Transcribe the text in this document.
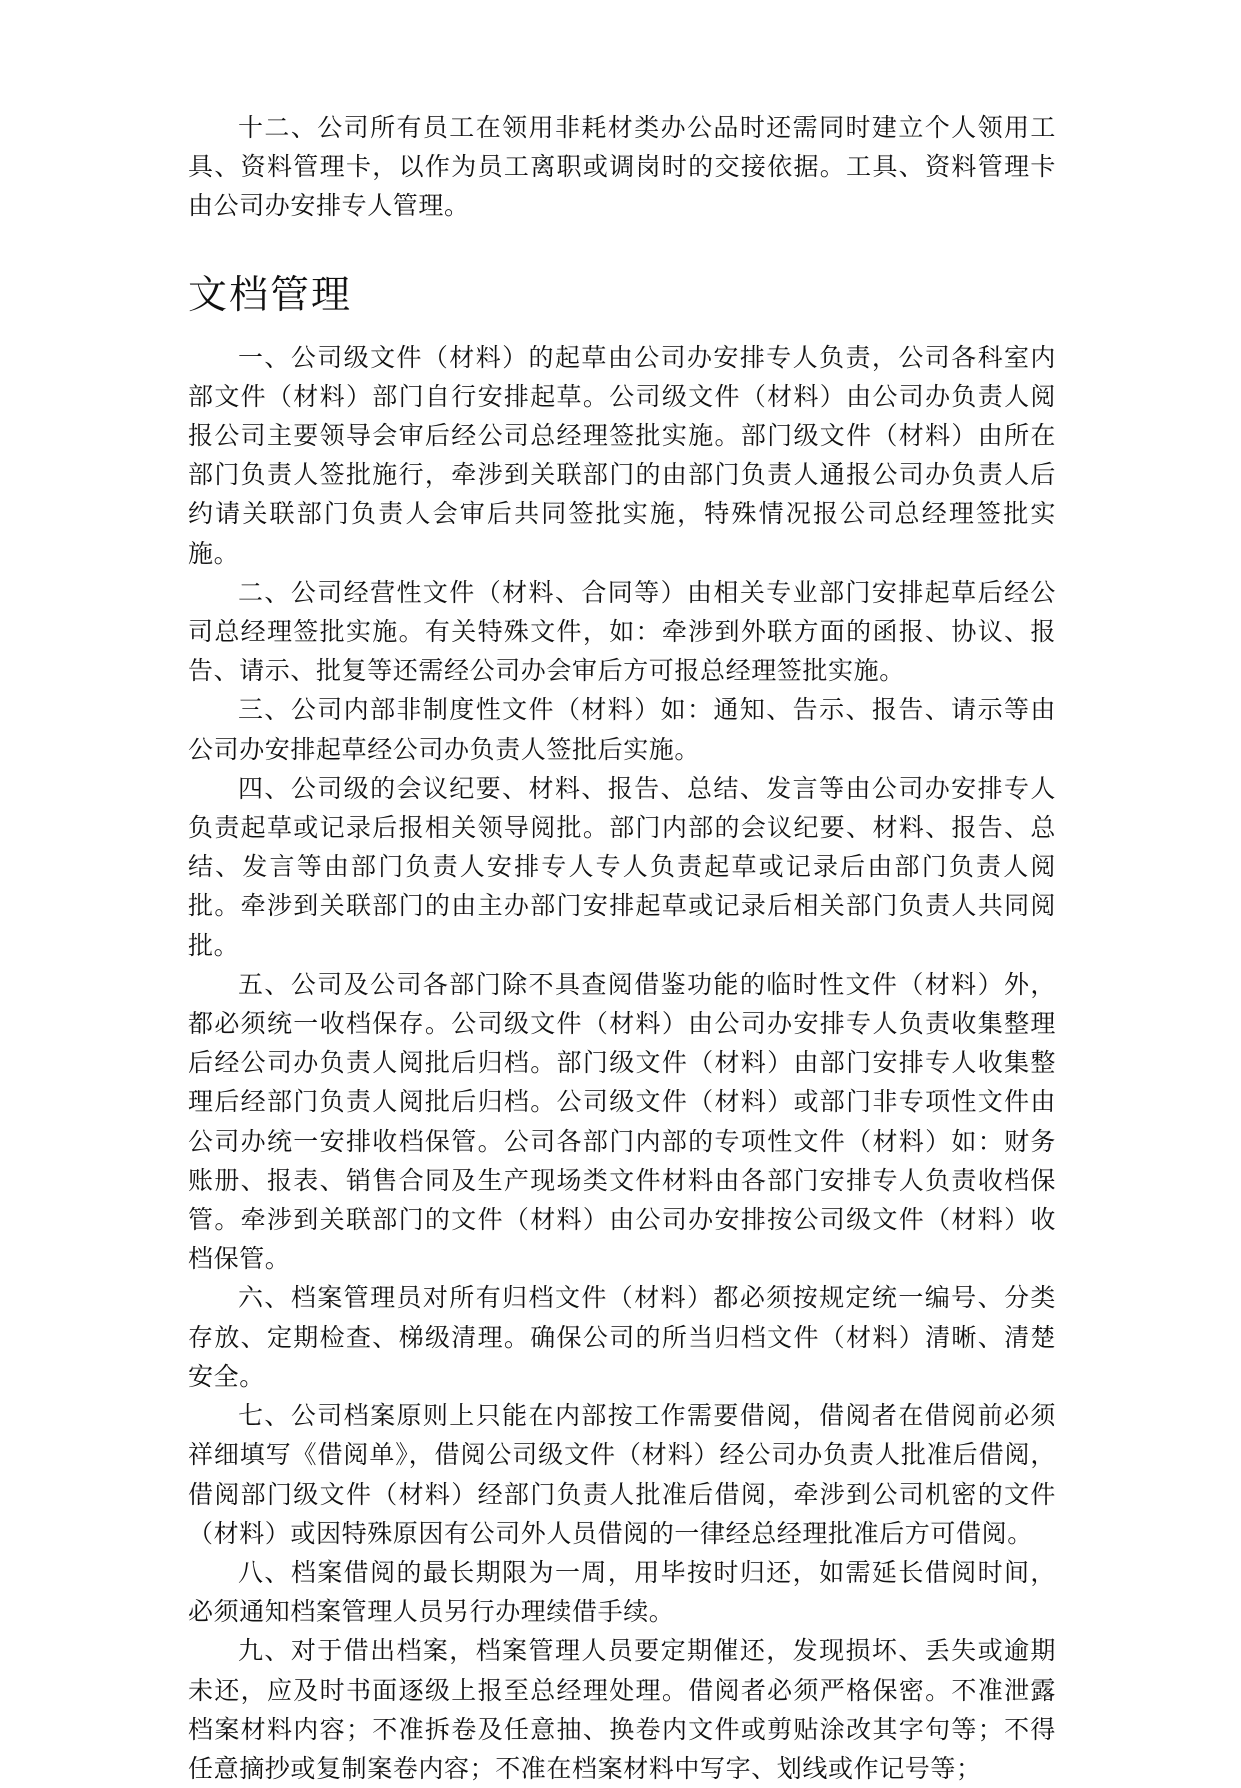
十二、公司所有员工在领用非耗材类办公品时还需同时建立个人领用工具、资料管理卡，以作为员工离职或调岗时的交接依据。工具、资料管理卡由公司办安排专人管理。

文档管理

一、公司级文件（材料）的起草由公司办安排专人负责，公司各科室内部文件（材料）部门自行安排起草。公司级文件（材料）由公司办负责人阅报公司主要领导会审后经公司总经理签批实施。部门级文件（材料）由所在部门负责人签批施行，牵涉到关联部门的由部门负责人通报公司办负责人后约请关联部门负责人会审后共同签批实施，特殊情况报公司总经理签批实施。

二、公司经营性文件（材料、合同等）由相关专业部门安排起草后经公司总经理签批实施。有关特殊文件，如：牵涉到外联方面的函报、协议、报告、请示、批复等还需经公司办会审后方可报总经理签批实施。

三、公司内部非制度性文件（材料）如：通知、告示、报告、请示等由公司办安排起草经公司办负责人签批后实施。

四、公司级的会议纪要、材料、报告、总结、发言等由公司办安排专人负责起草或记录后报相关领导阅批。部门内部的会议纪要、材料、报告、总结、发言等由部门负责人安排专人专人负责起草或记录后由部门负责人阅批。牵涉到关联部门的由主办部门安排起草或记录后相关部门负责人共同阅批。

五、公司及公司各部门除不具查阅借鉴功能的临时性文件（材料）外，都必须统一收档保存。公司级文件（材料）由公司办安排专人负责收集整理后经公司办负责人阅批后归档。部门级文件（材料）由部门安排专人收集整理后经部门负责人阅批后归档。公司级文件（材料）或部门非专项性文件由公司办统一安排收档保管。公司各部门内部的专项性文件（材料）如：财务账册、报表、销售合同及生产现场类文件材料由各部门安排专人负责收档保管。牵涉到关联部门的文件（材料）由公司办安排按公司级文件（材料）收档保管。

六、档案管理员对所有归档文件（材料）都必须按规定统一编号、分类存放、定期检查、梯级清理。确保公司的所当归档文件（材料）清晰、清楚安全。

七、公司档案原则上只能在内部按工作需要借阅，借阅者在借阅前必须祥细填写《借阅单》，借阅公司级文件（材料）经公司办负责人批准后借阅，借阅部门级文件（材料）经部门负责人批准后借阅，牵涉到公司机密的文件（材料）或因特殊原因有公司外人员借阅的一律经总经理批准后方可借阅。

八、档案借阅的最长期限为一周，用毕按时归还，如需延长借阅时间，必须通知档案管理人员另行办理续借手续。

九、对于借出档案，档案管理人员要定期催还，发现损坏、丢失或逾期未还，应及时书面逐级上报至总经理处理。借阅者必须严格保密。不准泄露档案材料内容；不准拆卷及任意抽、换卷内文件或剪贴涂改其字句等；不得任意摘抄或复制案卷内容；不准在档案材料中写字、划线或作记号等；
